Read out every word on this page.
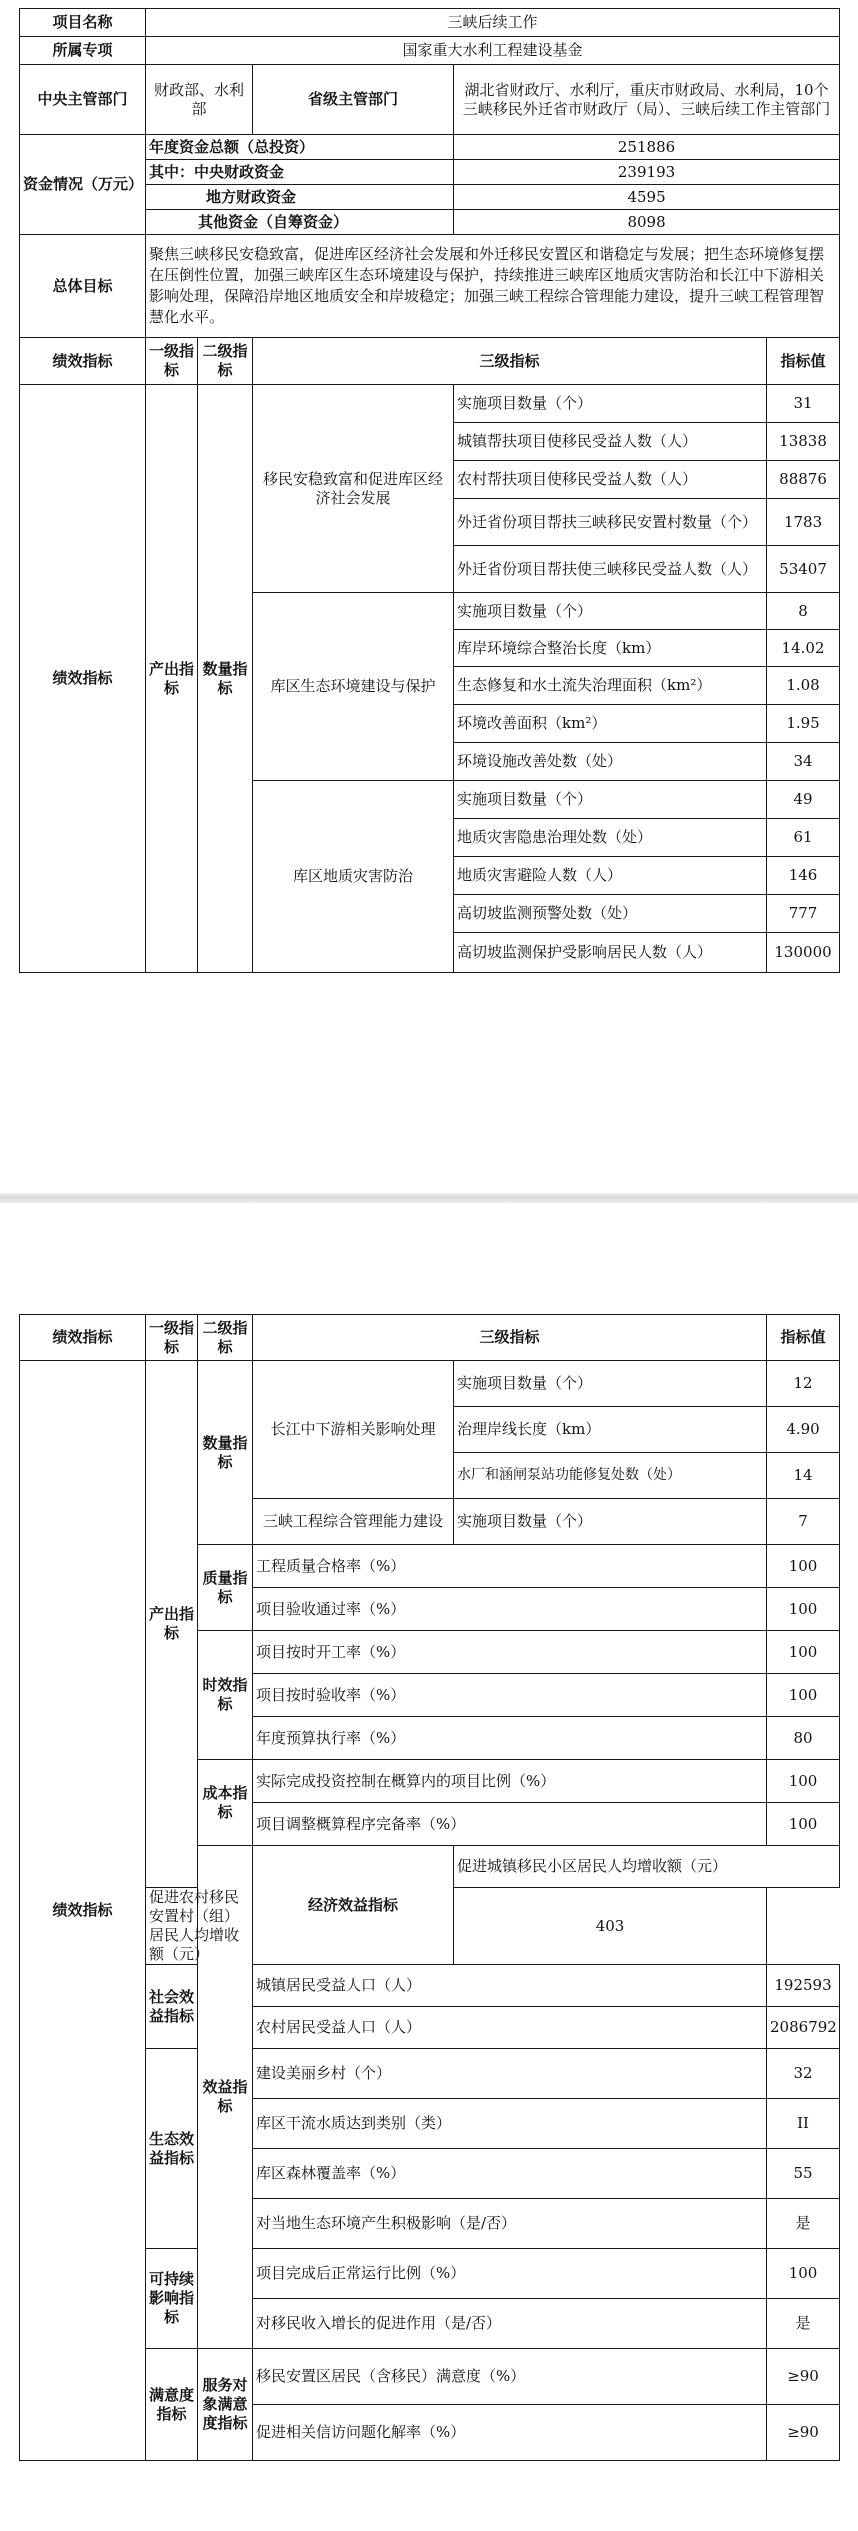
项目名称	三峡后续工作				
所属专项	国家重大水利工程建设基金				
中央主管部门	财政部、水利部		省级主管部门	湖北省财政厅、水利厅，重庆市财政局、水利局，10个三峡移民外迁省市财政厅（局）、三峡后续工作主管部门	
资金情况（万元）	年度资金总额（总投资）			251886	
	其中：中央财政资金			239193	
	地方财政资金			4595	
	其他资金（自筹资金）			8098	
总体目标	聚焦三峡移民安稳致富，促进库区经济社会发展和外迁移民安置区和谐稳定与发展；把生态环境修复摆在压倒性位置，加强三峡库区生态环境建设与保护，持续推进三峡库区地质灾害防治和长江中下游相关影响处理，保障沿岸地区地质安全和岸坡稳定；加强三峡工程综合管理能力建设，提升三峡工程管理智慧化水平。				
绩效指标	一级指标	二级指标	三级指标		指标值
绩效指标	产出指标	数量指标	移民安稳致富和促进库区经济社会发展	实施项目数量（个）	31
				城镇帮扶项目使移民受益人数（人）	13838
				农村帮扶项目使移民受益人数（人）	88876
				外迁省份项目帮扶三峡移民安置村数量（个）	1783
				外迁省份项目帮扶使三峡移民受益人数（人）	53407
			库区生态环境建设与保护	实施项目数量（个）	8
				库岸环境综合整治长度（km）	14.02
				生态修复和水土流失治理面积（km²）	1.08
				环境改善面积（km²）	1.95
				环境设施改善处数（处）	34
			库区地质灾害防治	实施项目数量（个）	49
				地质灾害隐患治理处数（处）	61
				地质灾害避险人数（人）	146
				高切坡监测预警处数（处）	777
				高切坡监测保护受影响居民人数（人）	130000
绩效指标	一级指标	二级指标	三级指标		指标值	
绩效指标	产出指标	数量指标	长江中下游相关影响处理	实施项目数量（个）	12	
				治理岸线长度（km）	4.90	
				水厂和涵闸泵站功能修复处数（处）	14	
			三峡工程综合管理能力建设	实施项目数量（个）	7	
		质量指标	工程质量合格率（%）		100	
			项目验收通过率（%）		100	
		时效指标	项目按时开工率（%）		100	
			项目按时验收率（%）		100	
			年度预算执行率（%）		80	
		成本指标	实际完成投资控制在概算内的项目比例（%）		100	
			项目调整概算程序完备率（%）		100	
		效益指标	经济效益指标	促进城镇移民小区居民人均增收额（元）	
	促进农村移民安置村（组）居民人均增收额（元）			403		
	社会效益指标		城镇居民受益人口（人）		192593	
			农村居民受益人口（人）		2086792	
	生态效益指标		建设美丽乡村（个）		32	
			库区干流水质达到类别（类）		II	
			库区森林覆盖率（%）		55	
			对当地生态环境产生积极影响（是/否）		是	
	可持续影响指标		项目完成后正常运行比例（%）		100	
			对移民收入增长的促进作用（是/否）		是	
	满意度指标	服务对象满意度指标	移民安置区居民（含移民）满意度（%）		≥90	
			促进相关信访问题化解率（%）		≥90	
